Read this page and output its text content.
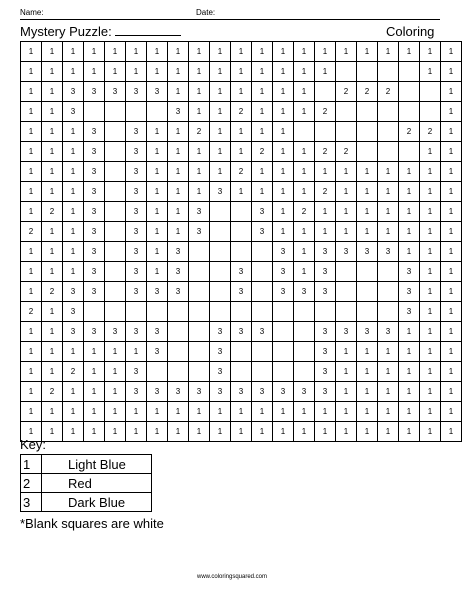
Name:	Date:
Mystery Puzzle:	Coloring
1	1	1	1	1	1	1	1	1	1	1	1	1	1	1	1	1	1	1	1	1
1	1	1	1	1	1	1	1	1	1	1	1	1	1	1					1	1
1	1	3	3	3	3	3	1	1	1	1	1	1	1		2	2	2			1
1	1	3					3	1	1	2	1	1	1	2						1
1	1	1	3		3	1	1	2	1	1	1	1						2	2	1
1	1	1	3		3	1	1	1	1	1	2	1	1	2	2				1	1
1	1	1	3		3	1	1	1	1	2	1	1	1	1	1	1	1	1	1	1
1	1	1	3		3	1	1	1	3	1	1	1	1	2	1	1	1	1	1	1
1	2	1	3		3	1	1	3			3	1	2	1	1	1	1	1	1	1
2	1	1	3		3	1	1	3			3	1	1	1	1	1	1	1	1	1
1	1	1	3		3	1	3					3	1	3	3	3	3	1	1	1
1	1	1	3		3	1	3			3		3	1	3				3	1	1
1	2	3	3		3	3	3			3		3	3	3				3	1	1
2	1	3																3	1	1
1	1	3	3	3	3	3			3	3	3			3	3	3	3	1	1	1
1	1	1	1	1	1	3			3					3	1	1	1	1	1	1
1	1	2	1	1	3				3					3	1	1	1	1	1	1
1	2	1	1	1	3	3	3	3	3	3	3	3	3	3	1	1	1	1	1	1
1	1	1	1	1	1	1	1	1	1	1	1	1	1	1	1	1	1	1	1	1
1	1	1	1	1	1	1	1	1	1	1	1	1	1	1	1	1	1	1	1	1
Key:
1	Light Blue
2	Red
3	Dark Blue
*Blank squares are white
www.coloringsquared.com
